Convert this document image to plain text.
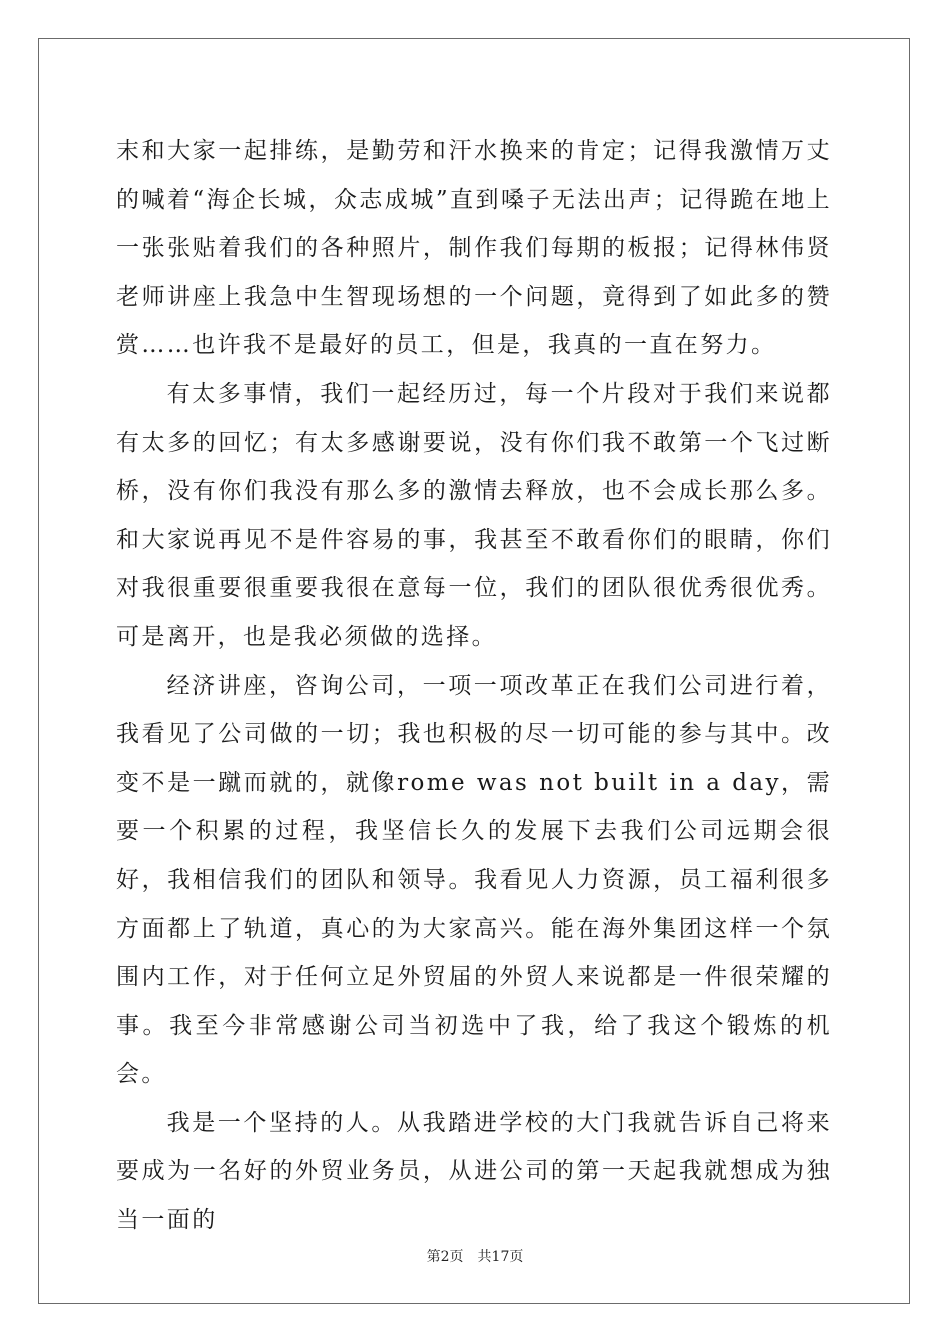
末和大家一起排练，是勤劳和汗水换来的肯定；记得我激情万丈的喊着“海企长城，众志成城”直到嗓子无法出声；记得跪在地上一张张贴着我们的各种照片，制作我们每期的板报；记得林伟贤老师讲座上我急中生智现场想的一个问题，竟得到了如此多的赞赏……也许我不是最好的员工，但是，我真的一直在努力。

有太多事情，我们一起经历过，每一个片段对于我们来说都有太多的回忆；有太多感谢要说，没有你们我不敢第一个飞过断桥，没有你们我没有那么多的激情去释放，也不会成长那么多。和大家说再见不是件容易的事，我甚至不敢看你们的眼睛，你们对我很重要很重要我很在意每一位，我们的团队很优秀很优秀。可是离开，也是我必须做的选择。

经济讲座，咨询公司，一项一项改革正在我们公司进行着，我看见了公司做的一切；我也积极的尽一切可能的参与其中。改变不是一蹴而就的，就像rome was not built in a day，需要一个积累的过程，我坚信长久的发展下去我们公司远期会很好，我相信我们的团队和领导。我看见人力资源，员工福利很多方面都上了轨道，真心的为大家高兴。能在海外集团这样一个氛围内工作，对于任何立足外贸届的外贸人来说都是一件很荣耀的事。我至今非常感谢公司当初选中了我，给了我这个锻炼的机会。

我是一个坚持的人。从我踏进学校的大门我就告诉自己将来要成为一名好的外贸业务员，从进公司的第一天起我就想成为独当一面的

第2页 共17页
